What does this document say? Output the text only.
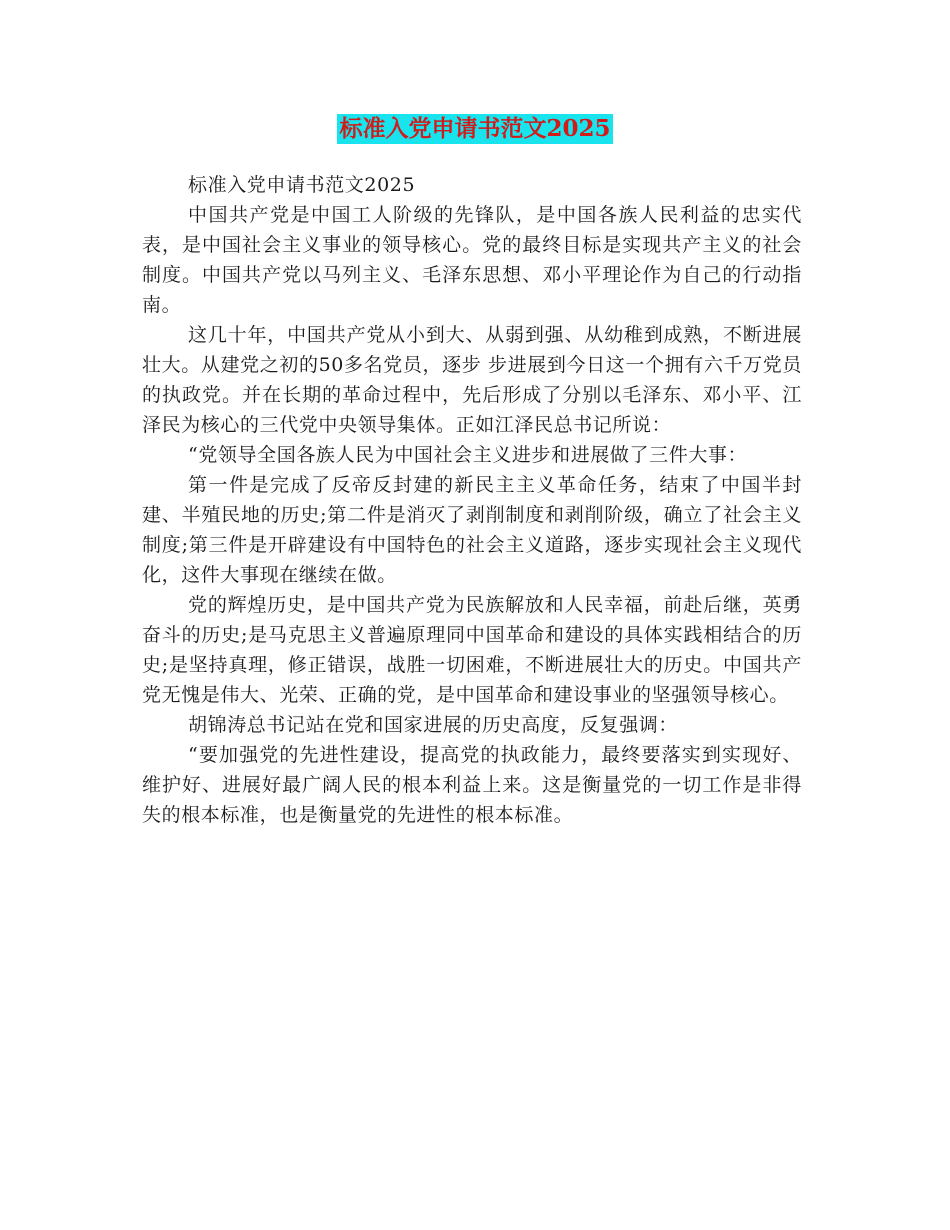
标准入党申请书范文2025

标准入党申请书范文2025

中国共产党是中国工人阶级的先锋队，是中国各族人民利益的忠实代表，是中国社会主义事业的领导核心。党的最终目标是实现共产主义的社会制度。中国共产党以马列主义、毛泽东思想、邓小平理论作为自己的行动指南。

这几十年，中国共产党从小到大、从弱到强、从幼稚到成熟，不断进展壮大。从建党之初的50多名党员，逐步 步进展到今日这一个拥有六千万党员的执政党。并在长期的革命过程中，先后形成了分别以毛泽东、邓小平、江泽民为核心的三代党中央领导集体。正如江泽民总书记所说：

“党领导全国各族人民为中国社会主义进步和进展做了三件大事：

第一件是完成了反帝反封建的新民主主义革命任务，结束了中国半封建、半殖民地的历史;第二件是消灭了剥削制度和剥削阶级，确立了社会主义制度;第三件是开辟建设有中国特色的社会主义道路，逐步实现社会主义现代化，这件大事现在继续在做。

党的辉煌历史，是中国共产党为民族解放和人民幸福，前赴后继，英勇奋斗的历史;是马克思主义普遍原理同中国革命和建设的具体实践相结合的历史;是坚持真理，修正错误，战胜一切困难，不断进展壮大的历史。中国共产党无愧是伟大、光荣、正确的党，是中国革命和建设事业的坚强领导核心。

胡锦涛总书记站在党和国家进展的历史高度，反复强调：

“要加强党的先进性建设，提高党的执政能力，最终要落实到实现好、维护好、进展好最广阔人民的根本利益上来。这是衡量党的一切工作是非得失的根本标准，也是衡量党的先进性的根本标准。
